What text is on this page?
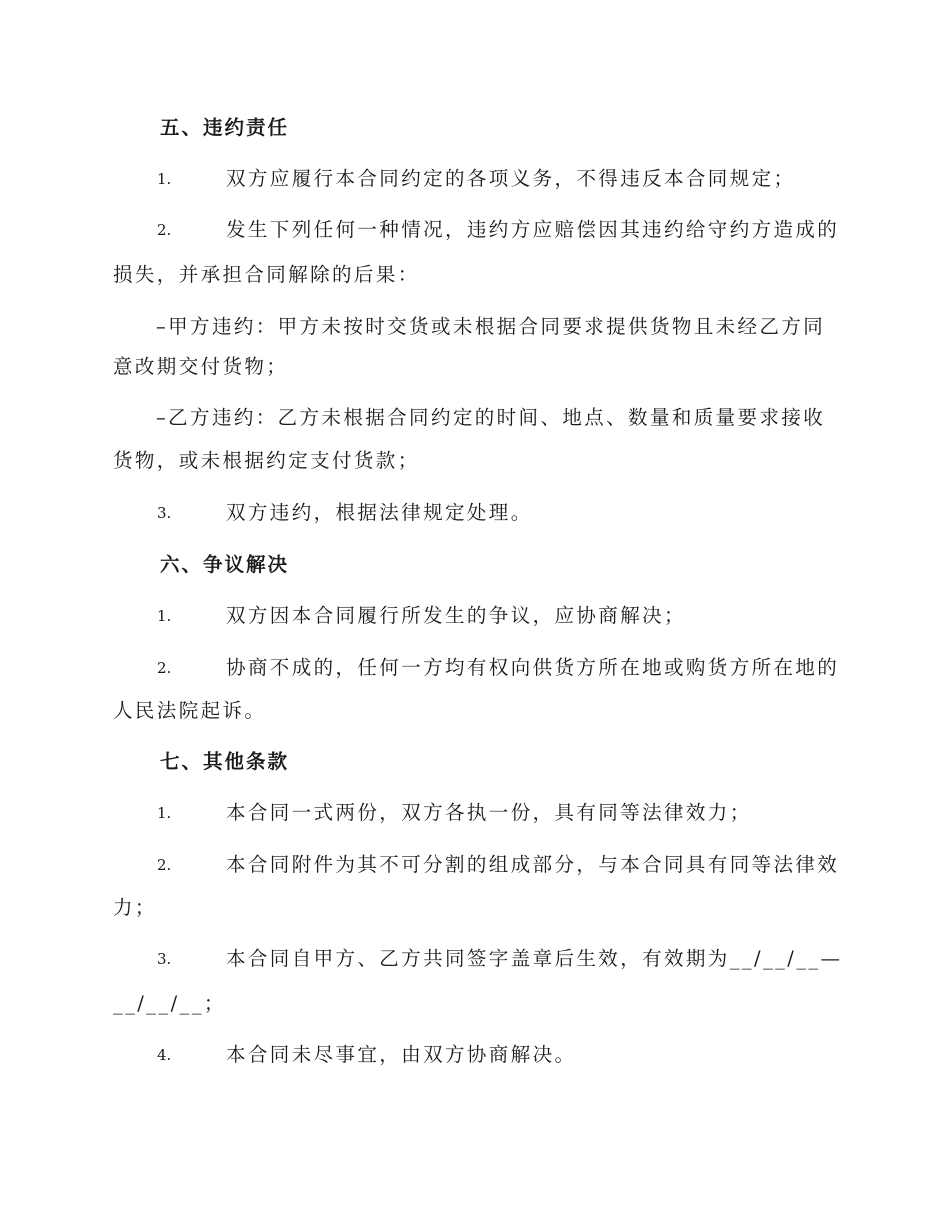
五、违约责任
1.	双方应履行本合同约定的各项义务，不得违反本合同规定；
2.	发生下列任何一种情况，违约方应赔偿因其违约给守约方造成的
损失，并承担合同解除的后果：
–甲方违约：甲方未按时交货或未根据合同要求提供货物且未经乙方同
意改期交付货物；
–乙方违约：乙方未根据合同约定的时间、地点、数量和质量要求接收
货物，或未根据约定支付货款；
3.	双方违约，根据法律规定处理。
六、争议解决
1.	双方因本合同履行所发生的争议，应协商解决；
2.	协商不成的，任何一方均有权向供货方所在地或购货方所在地的
人民法院起诉。
七、其他条款
1.	本合同一式两份，双方各执一份，具有同等法律效力；
2.	本合同附件为其不可分割的组成部分，与本合同具有同等法律效
力；
3.	本合同自甲方、乙方共同签字盖章后生效，有效期为__/__/__—
__/__/__；
4.	本合同未尽事宜，由双方协商解决。
